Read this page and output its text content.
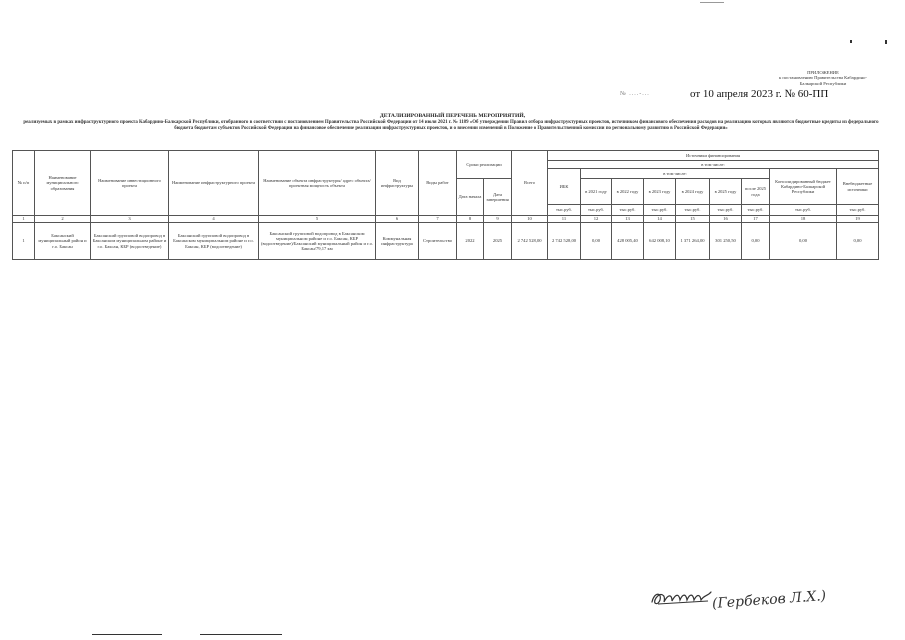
ПРИЛОЖЕНИЕ
к постановлению Правительства Кабардино-
Балкарской Республики
№ ....-...	от 10 апреля 2023 г. № 60-ПП
ДЕТАЛИЗИРОВАННЫЙ ПЕРЕЧЕНЬ МЕРОПРИЯТИЙ,
реализуемых в рамках инфраструктурного проекта Кабардино-Балкарской Республики, отобранного в соответствии с постановлением Правительства Российской Федерации от 14 июля 2021 г. № 1189 «Об утверждении Правил отбора инфраструктурных проектов, источником финансового обеспечения расходов на реализацию которых являются бюджетные кредиты из федерального бюджета бюджетам субъектов Российской Федерации на финансовое обеспечение реализации инфраструктурных проектов, и о внесении изменений в Положение о Правительственной комиссии по региональному развитию в Российской Федерации»
№ п/п	Наименование муниципального образования	Наименование инвестиционного проекта	Наименование инфраструктурного проекта	Наименование объекта инфраструктуры/ адрес объекта/ проектная мощность объекта	Вид инфраструктуры	Виды работ	Сроки реализации		Всего	Источники финансирования								
										в том числе:								
										ИБК	в том числе:						Консолидированный бюджет Кабардино-Балкарской Республики	Внебюджетные источники
							Дата начала	Дата завершения			в 2021 году	в 2022 году	в 2023 году	в 2024 году	в 2025 году	после 2025 года		
										тыс.руб.	тыс.руб.	тыс.руб.	тыс.руб.	тыс.руб.	тыс.руб.	тыс.руб.	тыс.руб.	тыс.руб.
1	2	3	4	5	6	7	8	9	10	11	12	13	14	15	16	17	18	19
1	Баксанский муниципальный район и г.о. Баксан	Баксанский групповой водопровод в Баксанском муниципальном районе и г.о. Баксан, КБР (водоотведение)	Баксанский групповой водопровод в Баксанском муниципальном районе и г.о. Баксан, КБР (водоотведение)	Баксанский групповой водопровод в Баксанском муниципальном районе и г.о. Баксан, КБР (водоотведение)/Баксанский муниципальный район и г.о. Баксан/79,17 км	Коммунальная инфраструктура	Строительство	2022	2025	2 742 528,00	2 742 528,00	0,00	428 005,40	642 008,10	1 371 264,00	301 250,50	0,00	0,00	0,00
(Гербеков Л.Х.)
